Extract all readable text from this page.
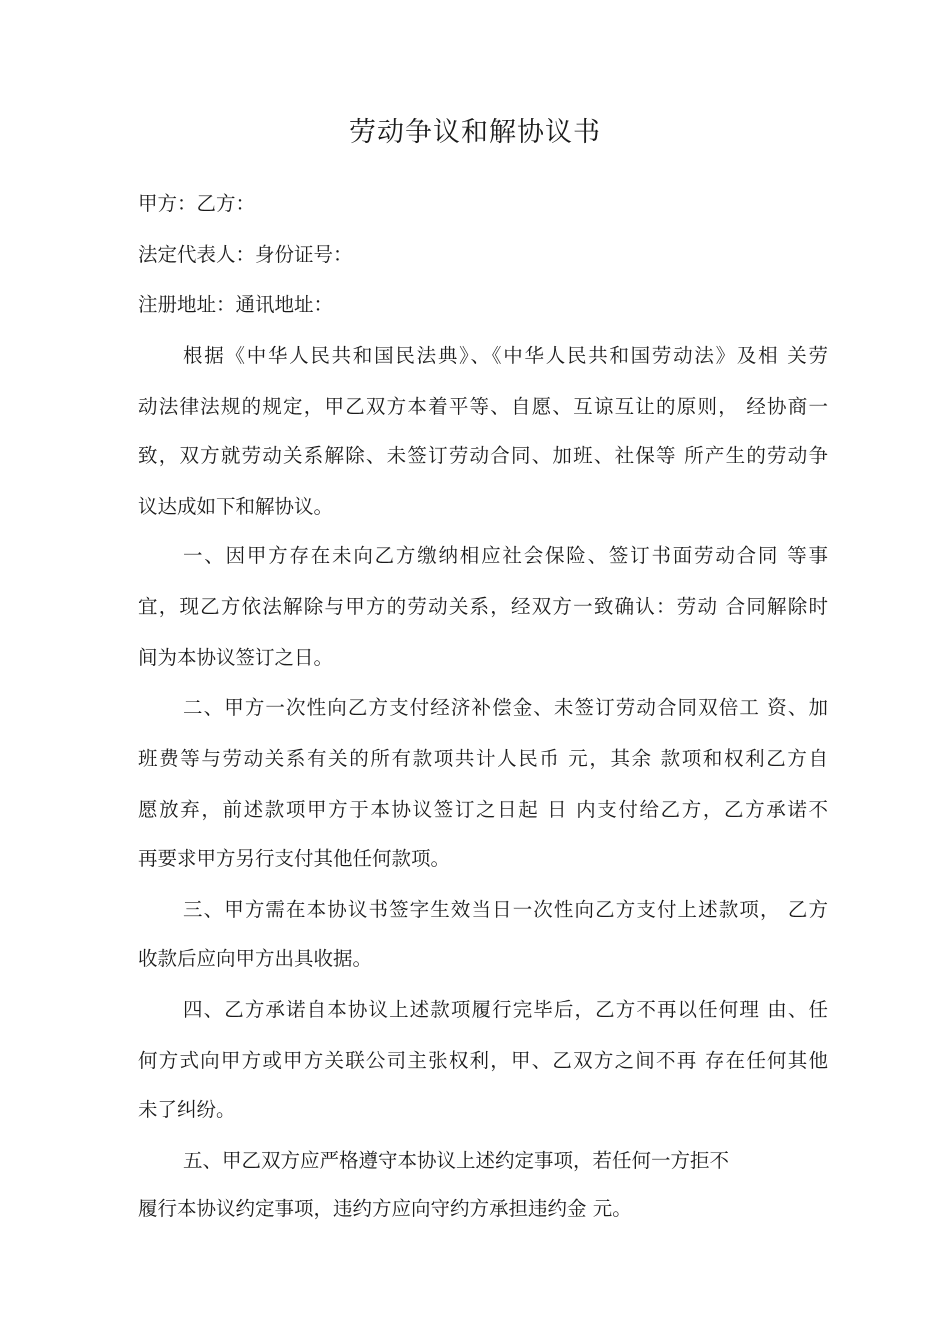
劳动争议和解协议书
甲方：乙方：
法定代表人：身份证号：
注册地址：通讯地址：
根据《中华人民共和国民法典》、《中华人民共和国劳动法》及相 关劳
动法律法规的规定，甲乙双方本着平等、自愿、互谅互让的原则， 经协商一
致，双方就劳动关系解除、未签订劳动合同、加班、社保等 所产生的劳动争
议达成如下和解协议。
一、因甲方存在未向乙方缴纳相应社会保险、签订书面劳动合同 等事
宜，现乙方依法解除与甲方的劳动关系，经双方一致确认：劳动 合同解除时
间为本协议签订之日。
二、甲方一次性向乙方支付经济补偿金、未签订劳动合同双倍工 资、加
班费等与劳动关系有关的所有款项共计人民币 元，其余 款项和权利乙方自
愿放弃，前述款项甲方于本协议签订之日起 日 内支付给乙方，乙方承诺不
再要求甲方另行支付其他任何款项。
三、甲方需在本协议书签字生效当日一次性向乙方支付上述款项， 乙方
收款后应向甲方出具收据。
四、乙方承诺自本协议上述款项履行完毕后，乙方不再以任何理 由、任
何方式向甲方或甲方关联公司主张权利，甲、乙双方之间不再 存在任何其他
未了纠纷。
五、甲乙双方应严格遵守本协议上述约定事项，若任何一方拒不
履行本协议约定事项，违约方应向守约方承担违约金 元。
